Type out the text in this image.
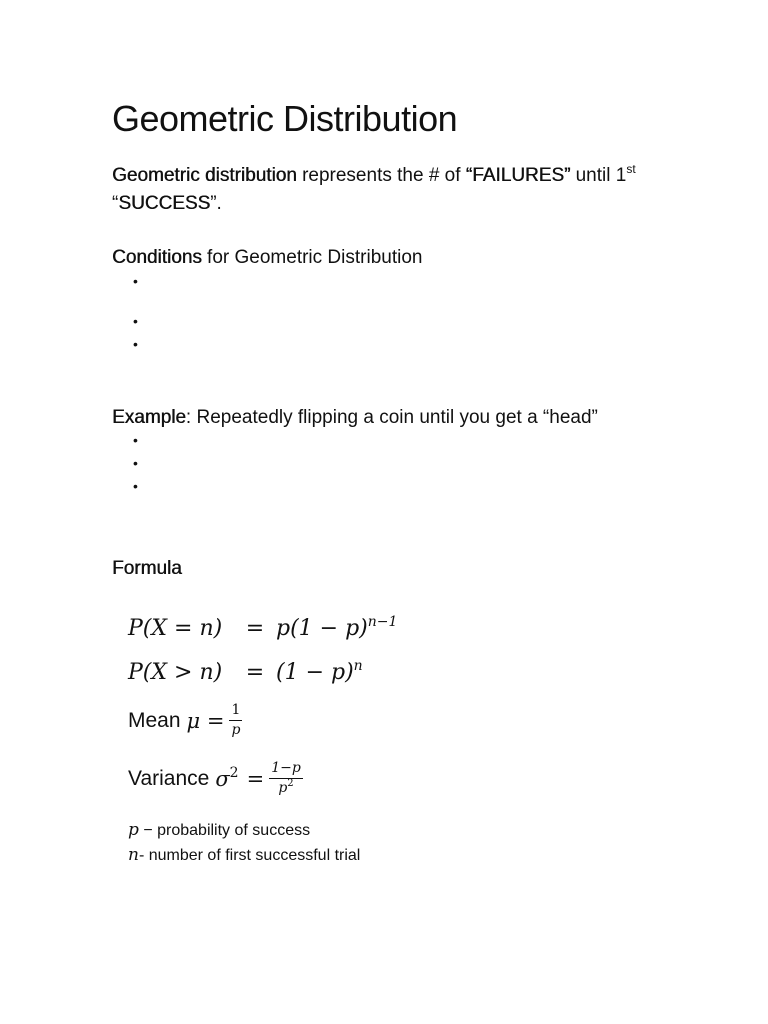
Geometric Distribution
Geometric distribution represents the # of “FAILURES” until 1st
“SUCCESS”.
Conditions for Geometric Distribution
•
•
•
Example: Repeatedly flipping a coin until you get a “head”
•
•
•
Formula
$P(X = n) = p(1 - p)^{n-1}$
$P(X > n) = (1 - p)^n$
Mean $\mu = \frac{1}{p}$
Variance $\sigma^2 = \frac{1-p}{p^2}$
p − probability of success
n- number of first successful trial
